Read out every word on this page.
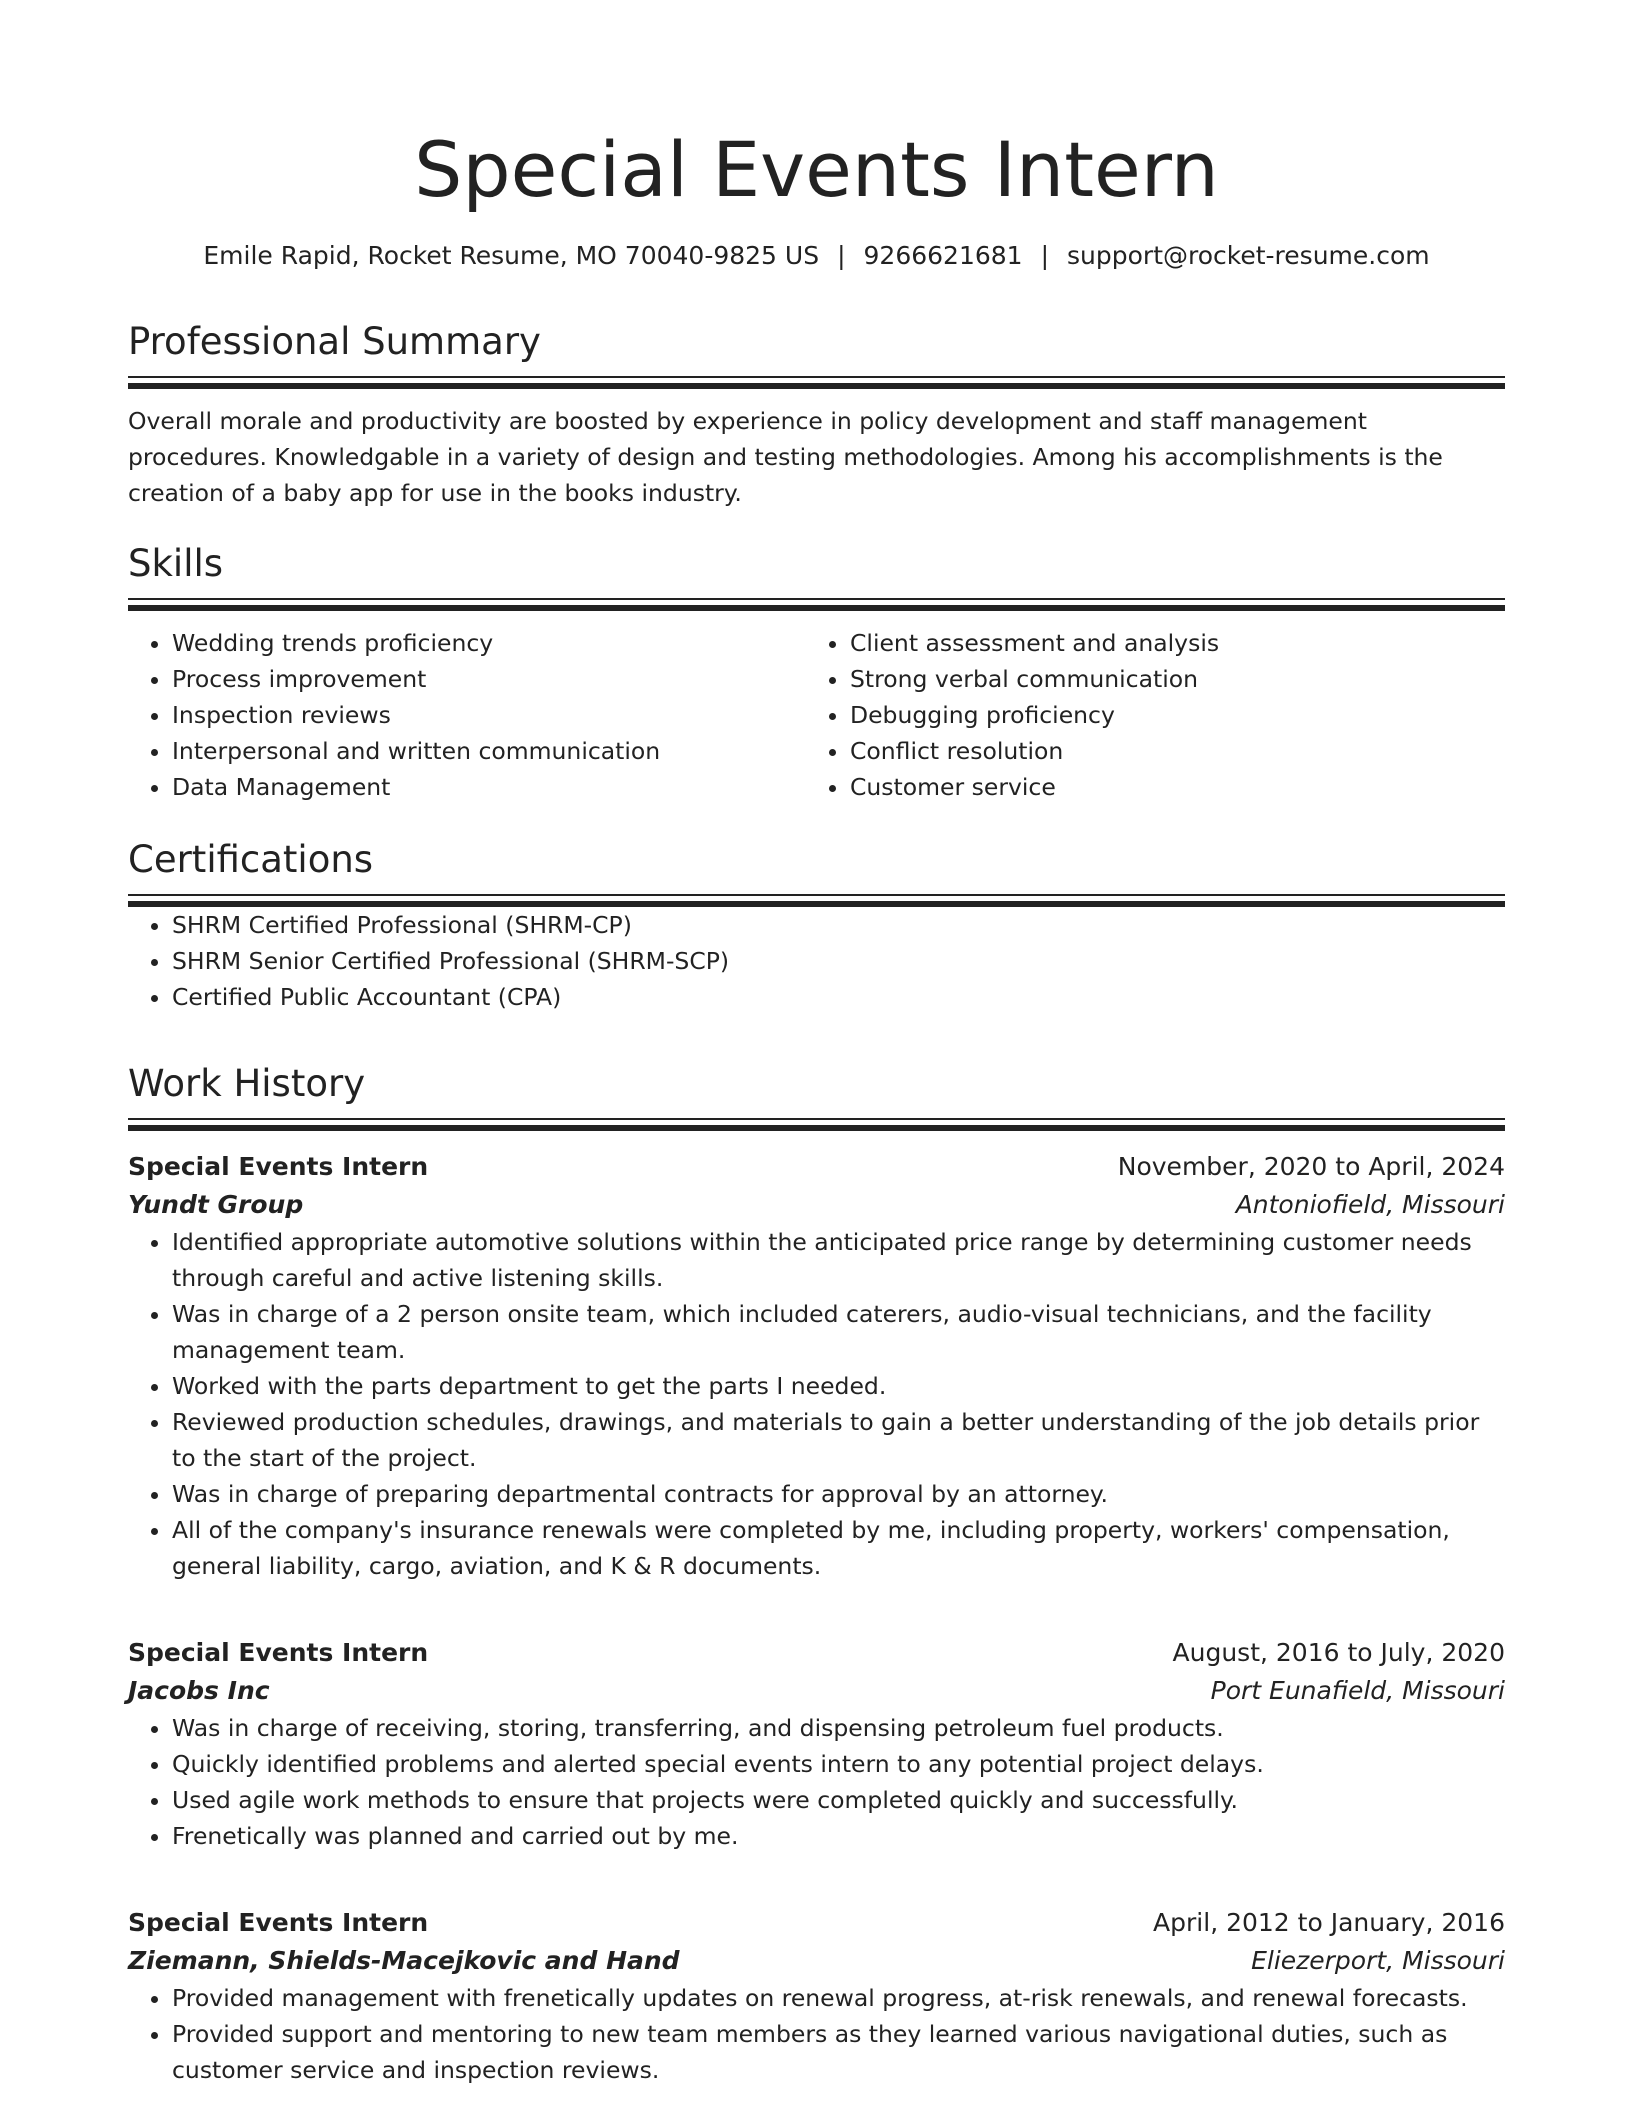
Special Events Intern
Emile Rapid, Rocket Resume, MO 70040-9825 US | 9266621681 | support@rocket-resume.com
Professional Summary
Overall morale and productivity are boosted by experience in policy development and staff management procedures. Knowledgable in a variety of design and testing methodologies. Among his accomplishments is the creation of a baby app for use in the books industry.
Skills
• Wedding trends proficiency
• Process improvement
• Inspection reviews
• Interpersonal and written communication
• Data Management
• Client assessment and analysis
• Strong verbal communication
• Debugging proficiency
• Conflict resolution
• Customer service
Certifications
• SHRM Certified Professional (SHRM-CP)
• SHRM Senior Certified Professional (SHRM-SCP)
• Certified Public Accountant (CPA)
Work History
Special Events Intern	November, 2020 to April, 2024
Yundt Group	Antoniofield, Missouri
• Identified appropriate automotive solutions within the anticipated price range by determining customer needs through careful and active listening skills.
• Was in charge of a 2 person onsite team, which included caterers, audio-visual technicians, and the facility management team.
• Worked with the parts department to get the parts I needed.
• Reviewed production schedules, drawings, and materials to gain a better understanding of the job details prior to the start of the project.
• Was in charge of preparing departmental contracts for approval by an attorney.
• All of the company's insurance renewals were completed by me, including property, workers' compensation, general liability, cargo, aviation, and K & R documents.
Special Events Intern	August, 2016 to July, 2020
Jacobs Inc	Port Eunafield, Missouri
• Was in charge of receiving, storing, transferring, and dispensing petroleum fuel products.
• Quickly identified problems and alerted special events intern to any potential project delays.
• Used agile work methods to ensure that projects were completed quickly and successfully.
• Frenetically was planned and carried out by me.
Special Events Intern	April, 2012 to January, 2016
Ziemann, Shields-Macejkovic and Hand	Eliezerport, Missouri
• Provided management with frenetically updates on renewal progress, at-risk renewals, and renewal forecasts.
• Provided support and mentoring to new team members as they learned various navigational duties, such as customer service and inspection reviews.
